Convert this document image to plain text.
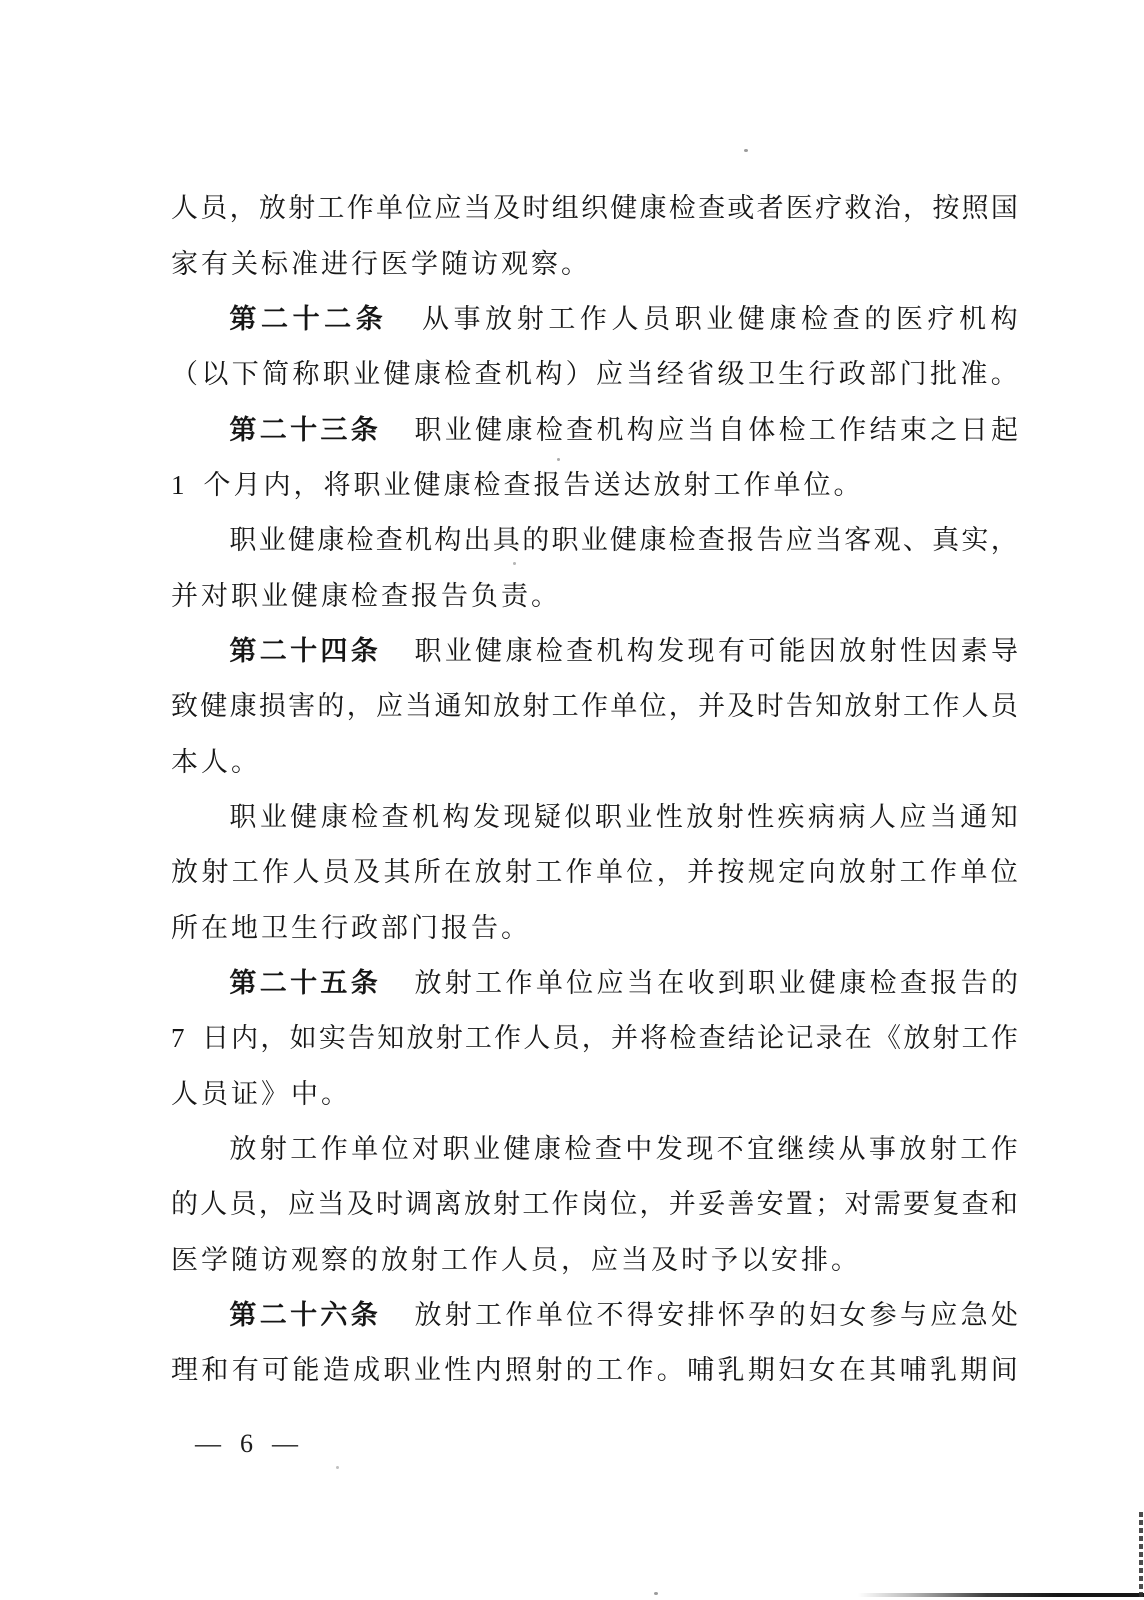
人 员 ， 放 射 工 作 单 位 应 当 及 时 组 织 健 康 检 查 或 者 医 疗 救 治 ， 按 照 国
家 有 关 标 准 进 行 医 学 随 访 观 察 。
第 二 十 二 条 从 事 放 射 工 作 人 员 职 业 健 康 检 查 的 医 疗 机 构
（ 以 下 简 称 职 业 健 康 检 查 机 构 ） 应 当 经 省 级 卫 生 行 政 部 门 批 准 。
第 二 十 三 条 职 业 健 康 检 查 机 构 应 当 自 体 检 工 作 结 束 之 日 起
1 个 月 内 ， 将 职 业 健 康 检 查 报 告 送 达 放 射 工 作 单 位 。
职 业 健 康 检 查 机 构 出 具 的 职 业 健 康 检 查 报 告 应 当 客 观 、 真 实 ，
并 对 职 业 健 康 检 查 报 告 负 责 。
第 二 十 四 条 职 业 健 康 检 查 机 构 发 现 有 可 能 因 放 射 性 因 素 导
致 健 康 损 害 的 ， 应 当 通 知 放 射 工 作 单 位 ， 并 及 时 告 知 放 射 工 作 人 员
本 人 。
职 业 健 康 检 查 机 构 发 现 疑 似 职 业 性 放 射 性 疾 病 病 人 应 当 通 知
放 射 工 作 人 员 及 其 所 在 放 射 工 作 单 位 ， 并 按 规 定 向 放 射 工 作 单 位
所 在 地 卫 生 行 政 部 门 报 告 。
第 二 十 五 条 放 射 工 作 单 位 应 当 在 收 到 职 业 健 康 检 查 报 告 的
7 日 内 ， 如 实 告 知 放 射 工 作 人 员 ， 并 将 检 查 结 论 记 录 在 《 放 射 工 作
人 员 证 》 中 。
放 射 工 作 单 位 对 职 业 健 康 检 查 中 发 现 不 宜 继 续 从 事 放 射 工 作
的 人 员 ， 应 当 及 时 调 离 放 射 工 作 岗 位 ， 并 妥 善 安 置 ； 对 需 要 复 查 和
医 学 随 访 观 察 的 放 射 工 作 人 员 ， 应 当 及 时 予 以 安 排 。
第 二 十 六 条 放 射 工 作 单 位 不 得 安 排 怀 孕 的 妇 女 参 与 应 急 处
理 和 有 可 能 造 成 职 业 性 内 照 射 的 工 作 。 哺 乳 期 妇 女 在 其 哺 乳 期 间
— 6 —
